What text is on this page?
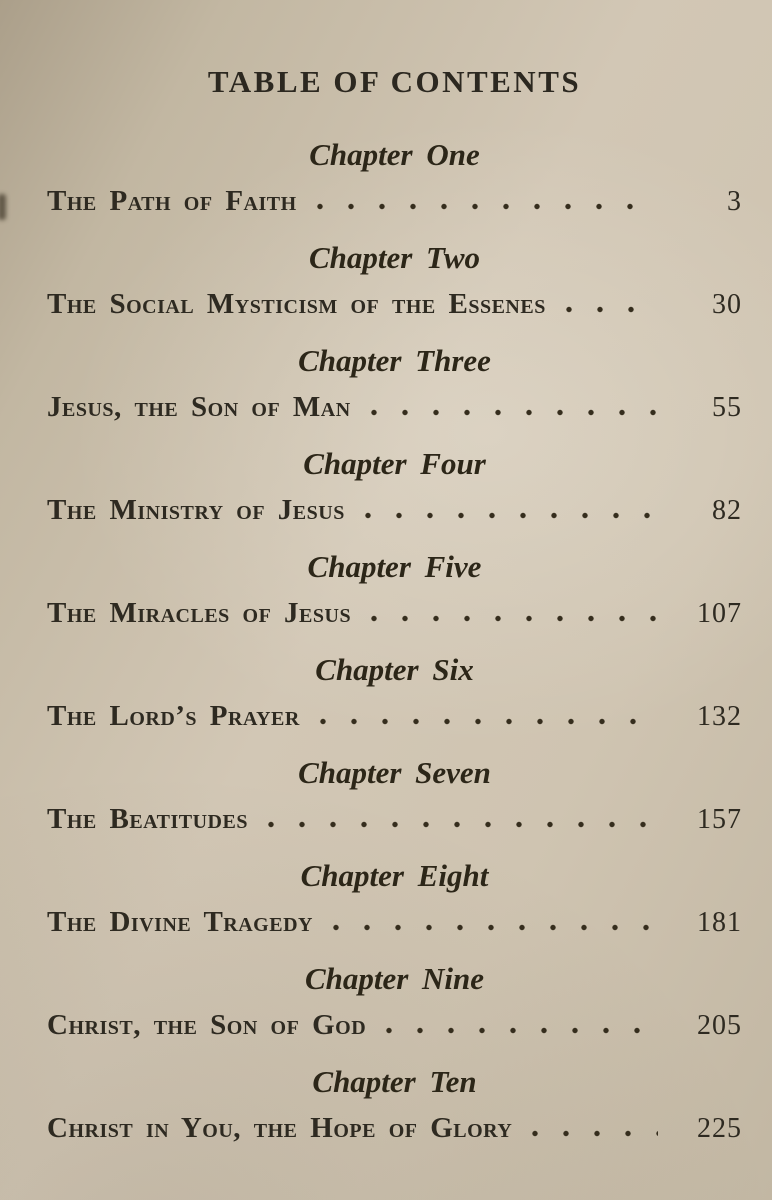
TABLE OF CONTENTS
Chapter One
The Path of Faith	3
Chapter Two
The Social Mysticism of the Essenes	30
Chapter Three
Jesus, the Son of Man	55
Chapter Four
The Ministry of Jesus	82
Chapter Five
The Miracles of Jesus	107
Chapter Six
The Lord’s Prayer	132
Chapter Seven
The Beatitudes	157
Chapter Eight
The Divine Tragedy	181
Chapter Nine
Christ, the Son of God	205
Chapter Ten
Christ in You, the Hope of Glory	225
